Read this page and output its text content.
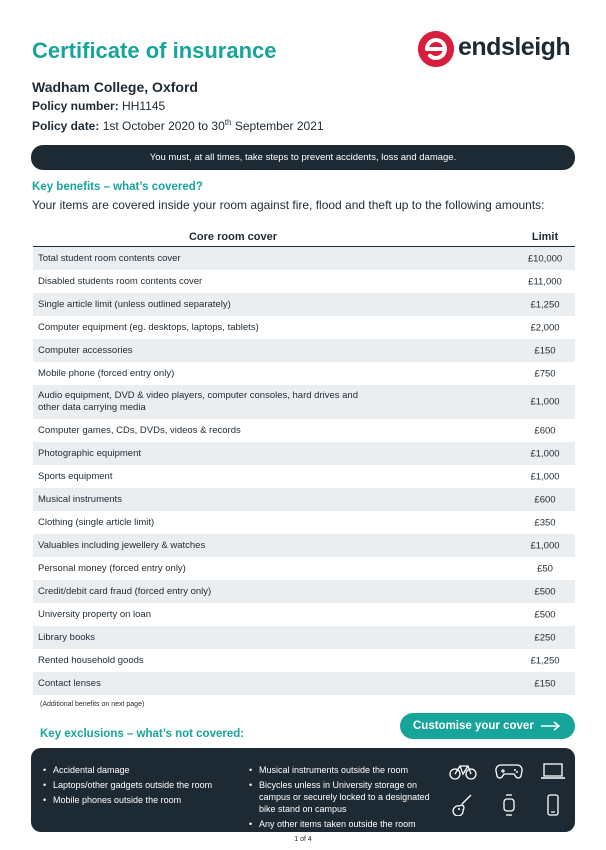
Certificate of insurance	endsleigh
Wadham College, Oxford
Policy number: HH1145
Policy date: 1st October 2020 to 30th September 2021
You must, at all times, take steps to prevent accidents, loss and damage.
Key benefits – what’s covered?
Your items are covered inside your room against fire, flood and theft up to the following amounts:
Core room cover	Limit
Total student room contents cover	£10,000
Disabled students room contents cover	£11,000
Single article limit (unless outlined separately)	£1,250
Computer equipment (eg. desktops, laptops, tablets)	£2,000
Computer accessories	£150
Mobile phone (forced entry only)	£750
Audio equipment, DVD & video players, computer consoles, hard drives and other data carrying media	£1,000
Computer games, CDs, DVDs, videos & records	£600
Photographic equipment	£1,000
Sports equipment	£1,000
Musical instruments	£600
Clothing (single article limit)	£350
Valuables including jewellery & watches	£1,000
Personal money (forced entry only)	£50
Credit/debit card fraud (forced entry only)	£500
University property on loan	£500
Library books	£250
Rented household goods	£1,250
Contact lenses	£150
(Additional benefits on next page)
Customise your cover
Key exclusions – what’s not covered:
• Accidental damage
• Laptops/other gadgets outside the room
• Mobile phones outside the room
• Musical instruments outside the room
• Bicycles unless in University storage on campus or securely locked to a designated bike stand on campus
• Any other items taken outside the room
1 of 4
